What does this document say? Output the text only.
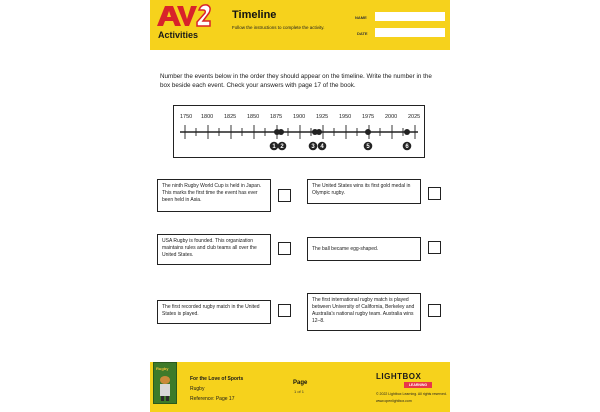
Activities
Timeline
Follow the instructions to complete the activity.
NAME
DATE

Number the events below in the order they should appear on the timeline. Write the number in the box beside each event. Check your answers with page 17 of the book.

1750 1800 1825 1850 1875 1900 1925 1950 1975 2000 2025
1 2	3 4	5	6
The ninth Rugby World Cup is held in Japan. This marks the first time the event has ever been held in Asia.
The United States wins its first gold medal in Olympic rugby.
USA Rugby is founded. This organization maintains rules and club teams all over the United States.
The ball became egg-shaped.
The first recorded rugby match in the United States is played.
The first international rugby match is played between University of California, Berkeley and Australia's national rugby team. Australia wins 12–8.
Rugby
For the Love of Sports
Rugby
Reference: Page 17
Page
1 of 1
LIGHTBOX
LEARNING
© 2022 Lightbox Learning. All rights reserved.
www.openlightbox.com
